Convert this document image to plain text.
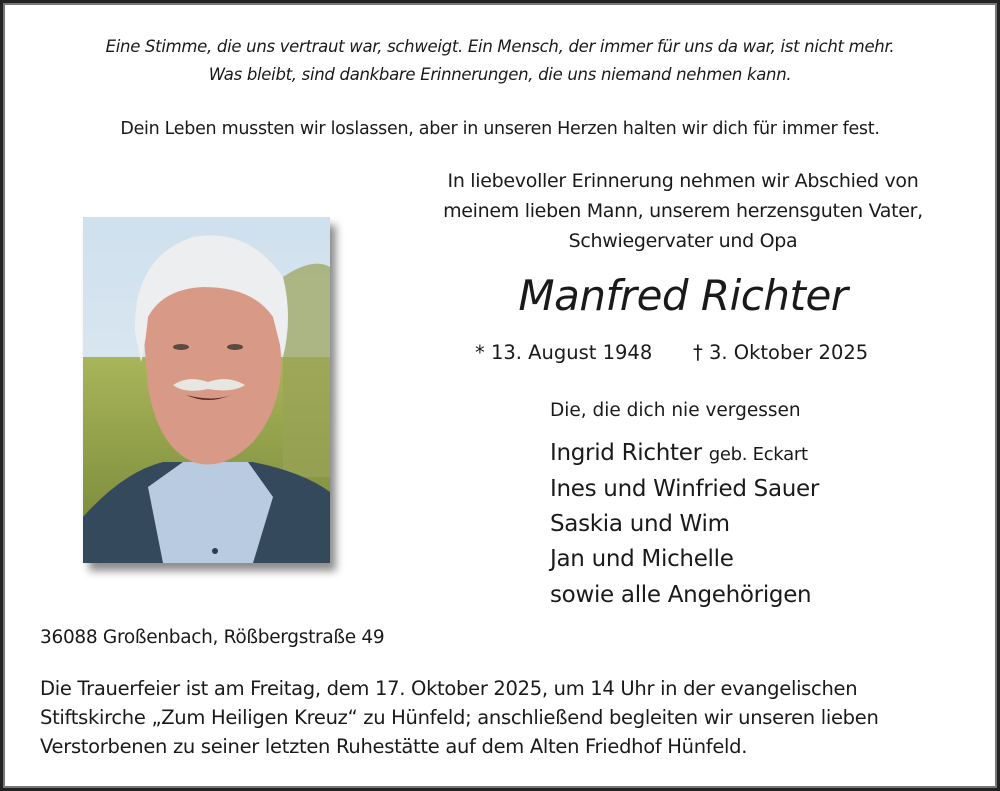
Eine Stimme, die uns vertraut war, schweigt. Ein Mensch, der immer für uns da war, ist nicht mehr.
Was bleibt, sind dankbare Erinnerungen, die uns niemand nehmen kann.
Dein Leben mussten wir loslassen, aber in unseren Herzen halten wir dich für immer fest.
In liebevoller Erinnerung nehmen wir Abschied von
meinem lieben Mann, unserem herzensguten Vater,
Schwiegervater und Opa
Manfred Richter
* 13. August 1948 † 3. Oktober 2025
Die, die dich nie vergessen
Ingrid Richter geb. Eckart
Ines und Winfried Sauer
Saskia und Wim
Jan und Michelle
sowie alle Angehörigen
36088 Großenbach, Rößbergstraße 49
Die Trauerfeier ist am Freitag, dem 17. Oktober 2025, um 14 Uhr in der evangelischen
Stiftskirche „Zum Heiligen Kreuz“ zu Hünfeld; anschließend begleiten wir unseren lieben
Verstorbenen zu seiner letzten Ruhestätte auf dem Alten Friedhof Hünfeld.
